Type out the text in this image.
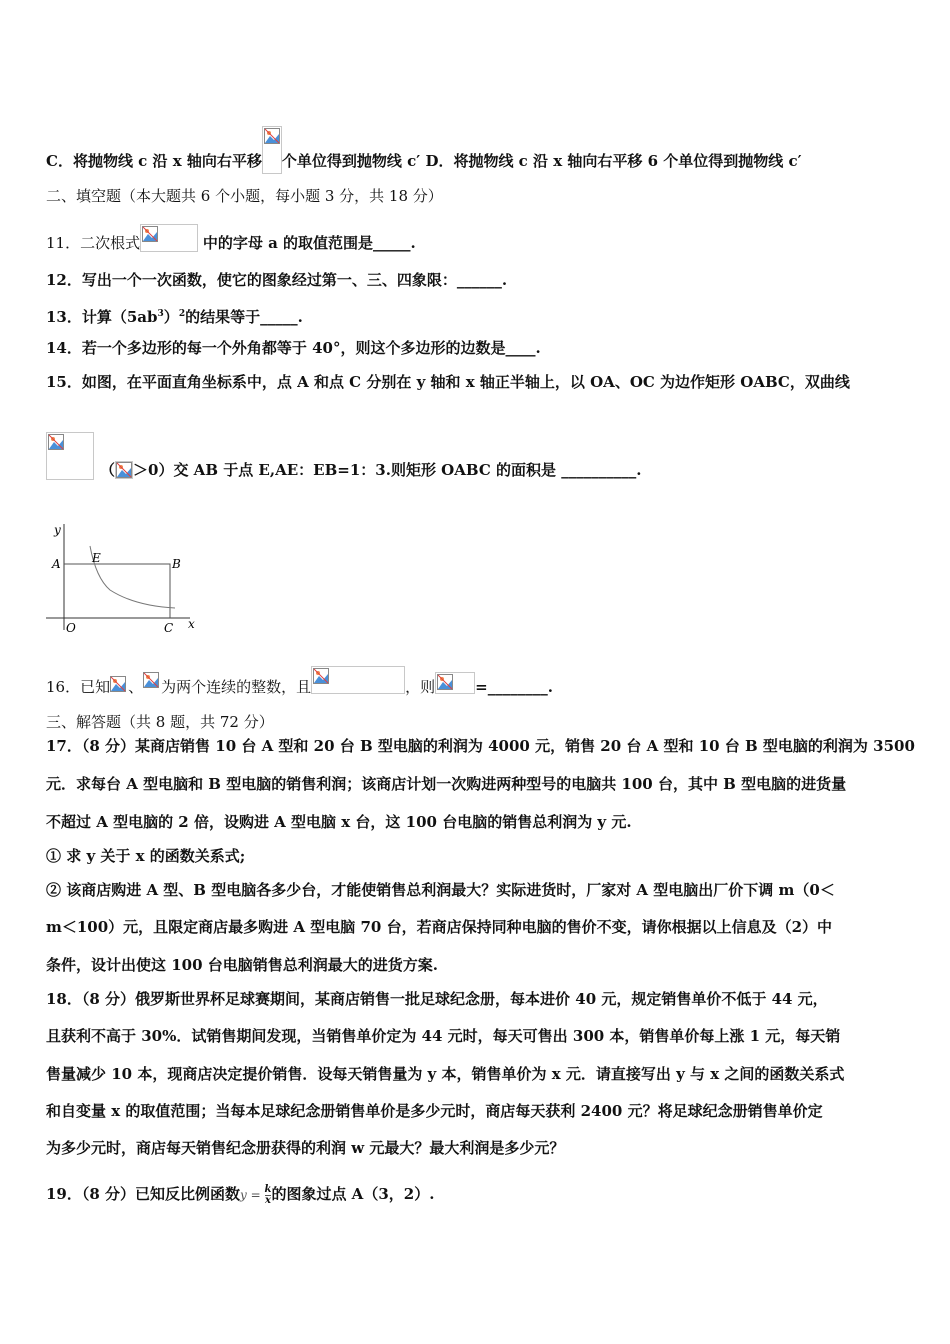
C．将抛物线 c 沿 x 轴向右平移 个单位得到抛物线 c′ D．将抛物线 c 沿 x 轴向右平移 6 个单位得到抛物线 c′
二、填空题（本大题共 6 个小题，每小题 3 分，共 18 分）
11．二次根式	中的字母 a 的取值范围是_____.
12．写出一个一次函数，使它的图象经过第一、三、四象限：______.
13．计算$(5ab^3)^2$的结果等于_____.
14．若一个多边形的每一个外角都等于 40°，则这个多边形的边数是____.
15．如图，在平面直角坐标系中，点 A 和点 C 分别在 y 轴和 x 轴正半轴上，以 OA、OC 为边作矩形 OABC，双曲线
（ ＞0）交 AB 于点 E,AE：EB=1：3.则矩形 OABC 的面积是 __________.
y
x
A	E	B
O	C
16．已知 、 为两个连续的整数，且	，则	=________.
三、解答题（共 8 题，共 72 分）
17．（8 分）某商店销售 10 台 A 型和 20 台 B 型电脑的利润为 4000 元，销售 20 台 A 型和 10 台 B 型电脑的利润为 3500
元．求每台 A 型电脑和 B 型电脑的销售利润；该商店计划一次购进两种型号的电脑共 100 台，其中 B 型电脑的进货量
不超过 A 型电脑的 2 倍，设购进 A 型电脑 x 台，这 100 台电脑的销售总利润为 y 元.
① 求 y 关于 x 的函数关系式;
② 该商店购进 A 型、B 型电脑各多少台，才能使销售总利润最大？实际进货时，厂家对 A 型电脑出厂价下调 m（0＜
m＜100）元，且限定商店最多购进 A 型电脑 70 台，若商店保持同种电脑的售价不变，请你根据以上信息及（2）中
条件，设计出使这 100 台电脑销售总利润最大的进货方案.
18．（8 分）俄罗斯世界杯足球赛期间，某商店销售一批足球纪念册，每本进价 40 元，规定销售单价不低于 44 元，
且获利不高于 30%．试销售期间发现，当销售单价定为 44 元时，每天可售出 300 本，销售单价每上涨 1 元，每天销
售量减少 10 本，现商店决定提价销售．设每天销售量为 y 本，销售单价为 x 元．请直接写出 y 与 x 之间的函数关系式
和自变量 x 的取值范围；当每本足球纪念册销售单价是多少元时，商店每天获利 2400 元？将足球纪念册销售单价定
为多少元时，商店每天销售纪念册获得的利润 w 元最大？最大利润是多少元？
19．（8 分）已知反比例函数$y = \frac{k}{x}$ 的图象过点 A（3，2）.
